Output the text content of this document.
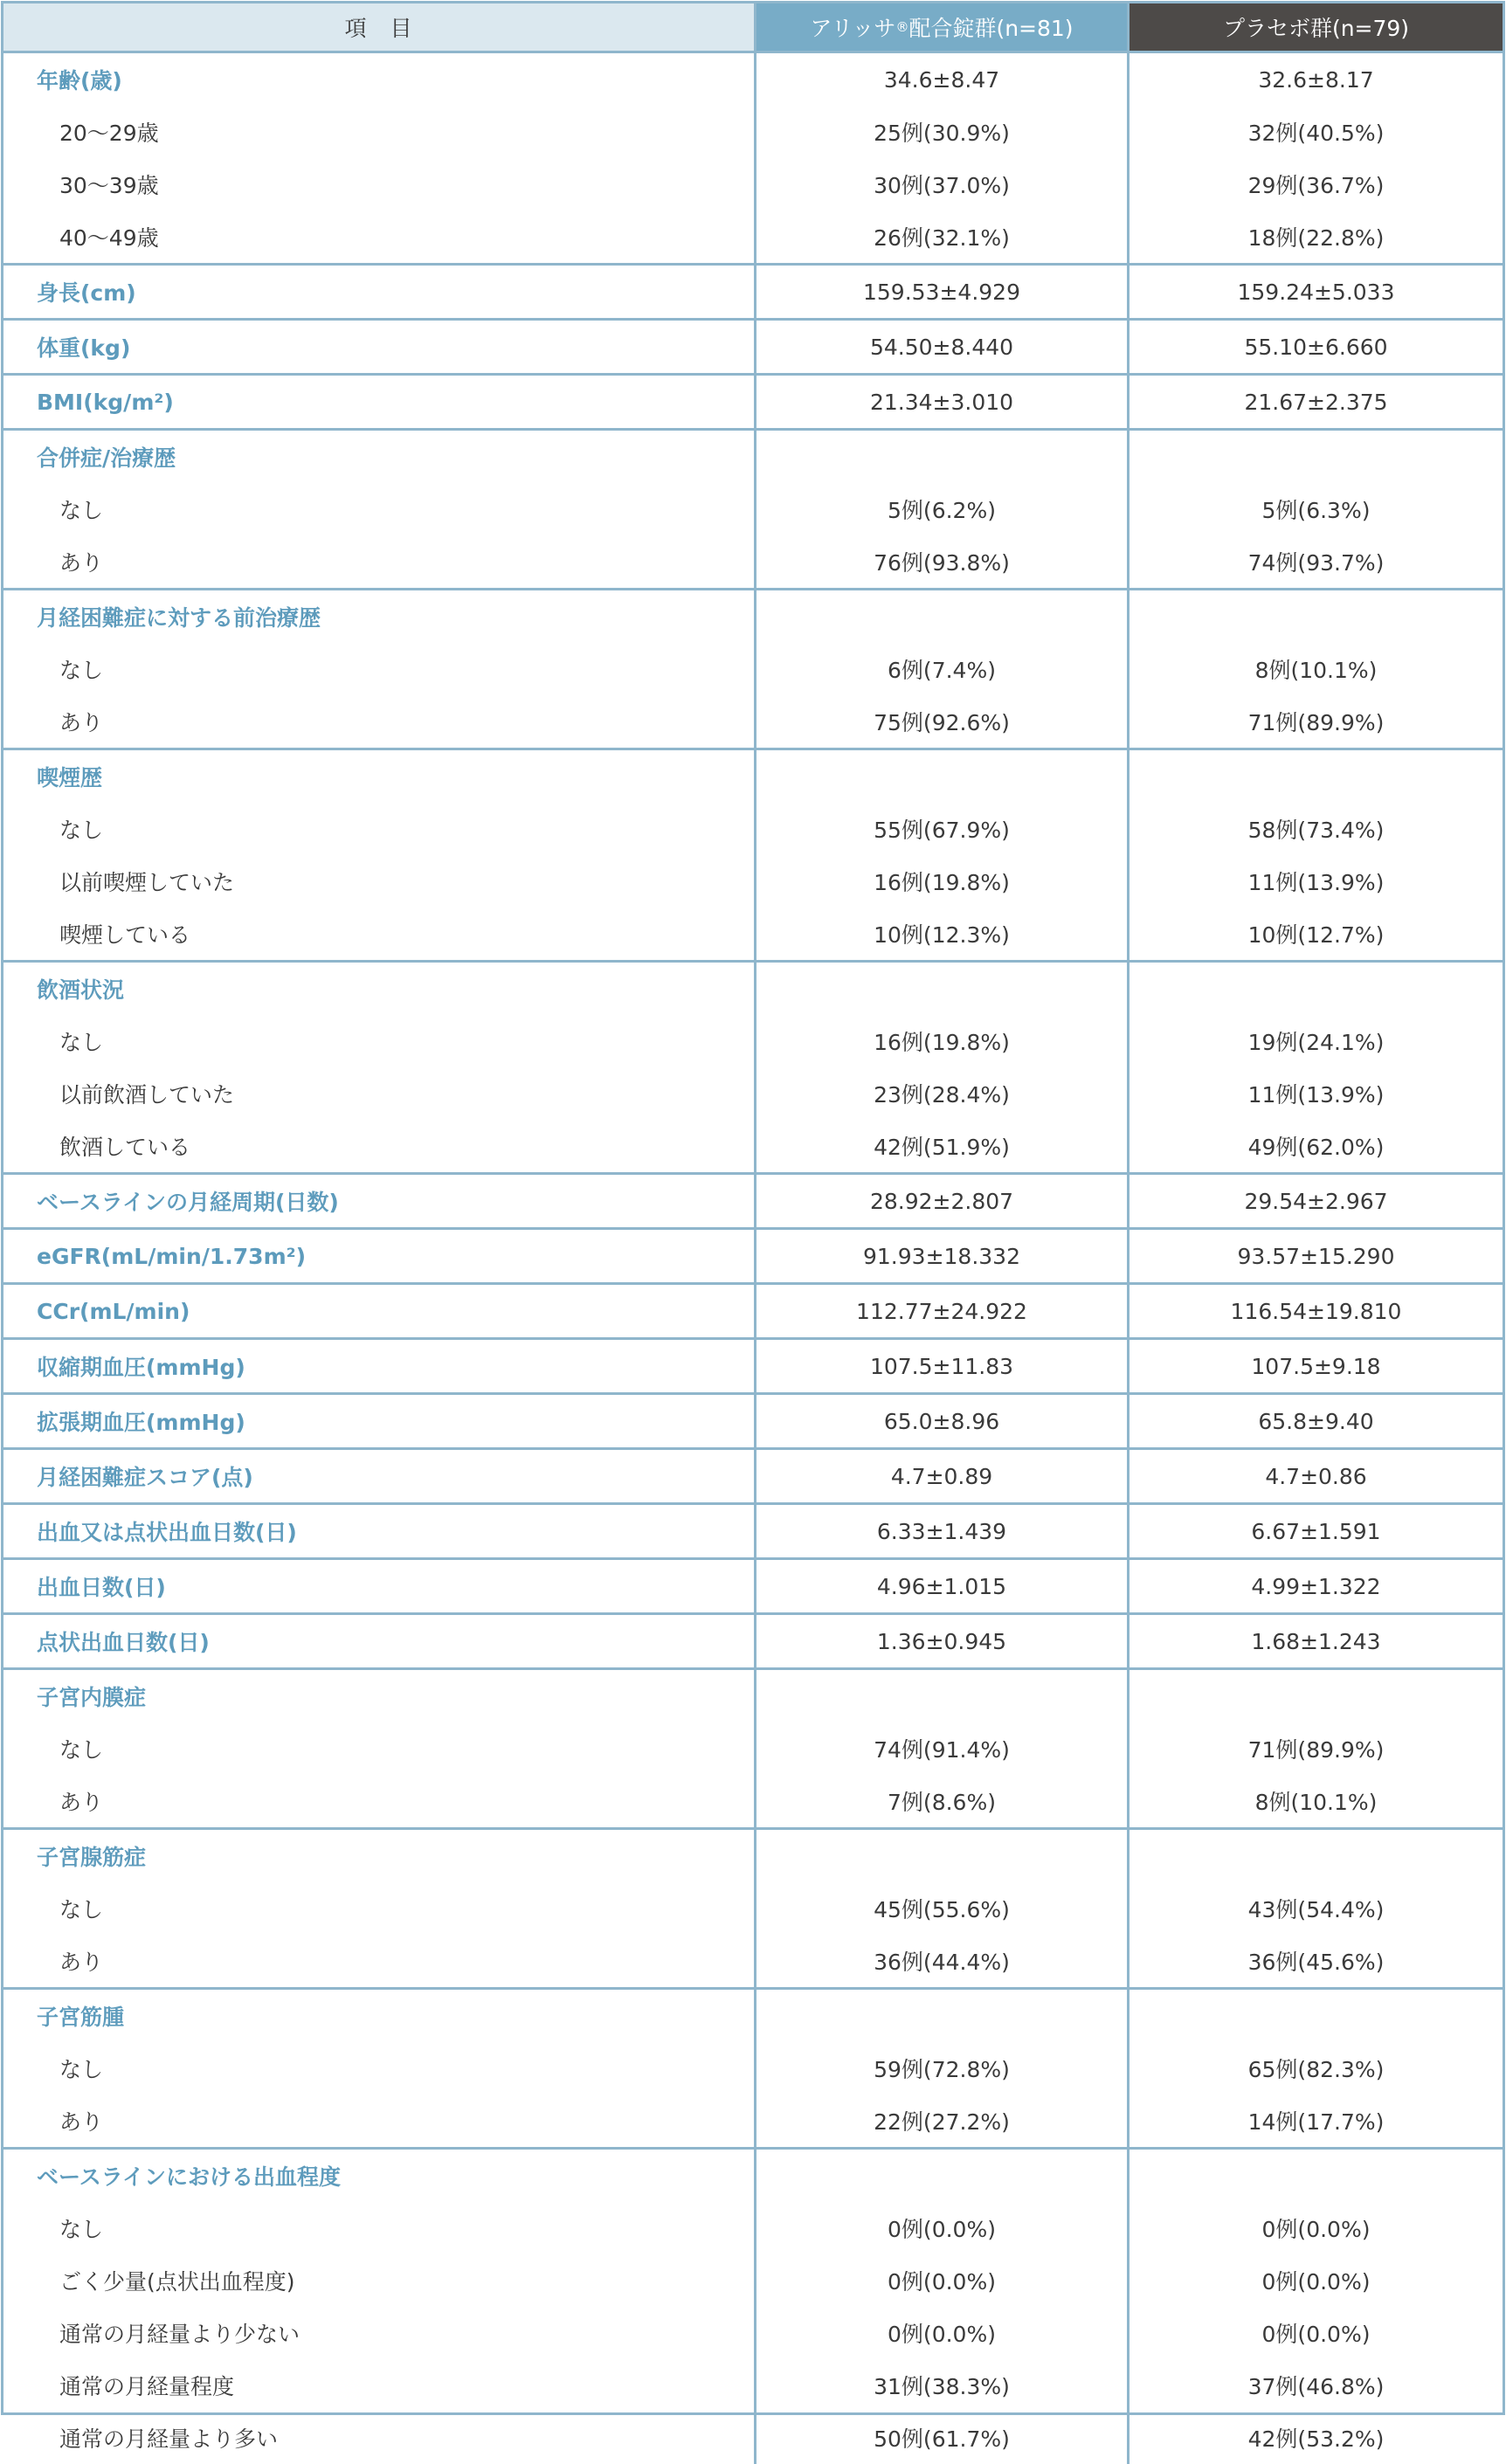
項　目	アリッサ ® 配合錠群(n=81)	プラセボ群(n=79)
年齢(歳)	34.6±8.47	32.6±8.17
20〜29歳	25例(30.9%)	32例(40.5%)
30〜39歳	30例(37.0%)	29例(36.7%)
40〜49歳	26例(32.1%)	18例(22.8%)
身長(cm)	159.53±4.929	159.24±5.033
体重(kg)	54.50±8.440	55.10±6.660
BMI(kg/m²)	21.34±3.010	21.67±2.375
合併症/治療歴
なし	5例(6.2%)	5例(6.3%)
あり	76例(93.8%)	74例(93.7%)
月経困難症に対する前治療歴
なし	6例(7.4%)	8例(10.1%)
あり	75例(92.6%)	71例(89.9%)
喫煙歴
なし	55例(67.9%)	58例(73.4%)
以前喫煙していた	16例(19.8%)	11例(13.9%)
喫煙している	10例(12.3%)	10例(12.7%)
飲酒状況
なし	16例(19.8%)	19例(24.1%)
以前飲酒していた	23例(28.4%)	11例(13.9%)
飲酒している	42例(51.9%)	49例(62.0%)
ベースラインの月経周期(日数)	28.92±2.807	29.54±2.967
eGFR(mL/min/1.73m²)	91.93±18.332	93.57±15.290
CCr(mL/min)	112.77±24.922	116.54±19.810
収縮期血圧(mmHg)	107.5±11.83	107.5±9.18
拡張期血圧(mmHg)	65.0±8.96	65.8±9.40
月経困難症スコア(点)	4.7±0.89	4.7±0.86
出血又は点状出血日数(日)	6.33±1.439	6.67±1.591
出血日数(日)	4.96±1.015	4.99±1.322
点状出血日数(日)	1.36±0.945	1.68±1.243
子宮内膜症
なし	74例(91.4%)	71例(89.9%)
あり	7例(8.6%)	8例(10.1%)
子宮腺筋症
なし	45例(55.6%)	43例(54.4%)
あり	36例(44.4%)	36例(45.6%)
子宮筋腫
なし	59例(72.8%)	65例(82.3%)
あり	22例(27.2%)	14例(17.7%)
ベースラインにおける出血程度
なし	0例(0.0%)	0例(0.0%)
ごく少量(点状出血程度)	0例(0.0%)	0例(0.0%)
通常の月経量より少ない	0例(0.0%)	0例(0.0%)
通常の月経量程度	31例(38.3%)	37例(46.8%)
通常の月経量より多い	50例(61.7%)	42例(53.2%)
